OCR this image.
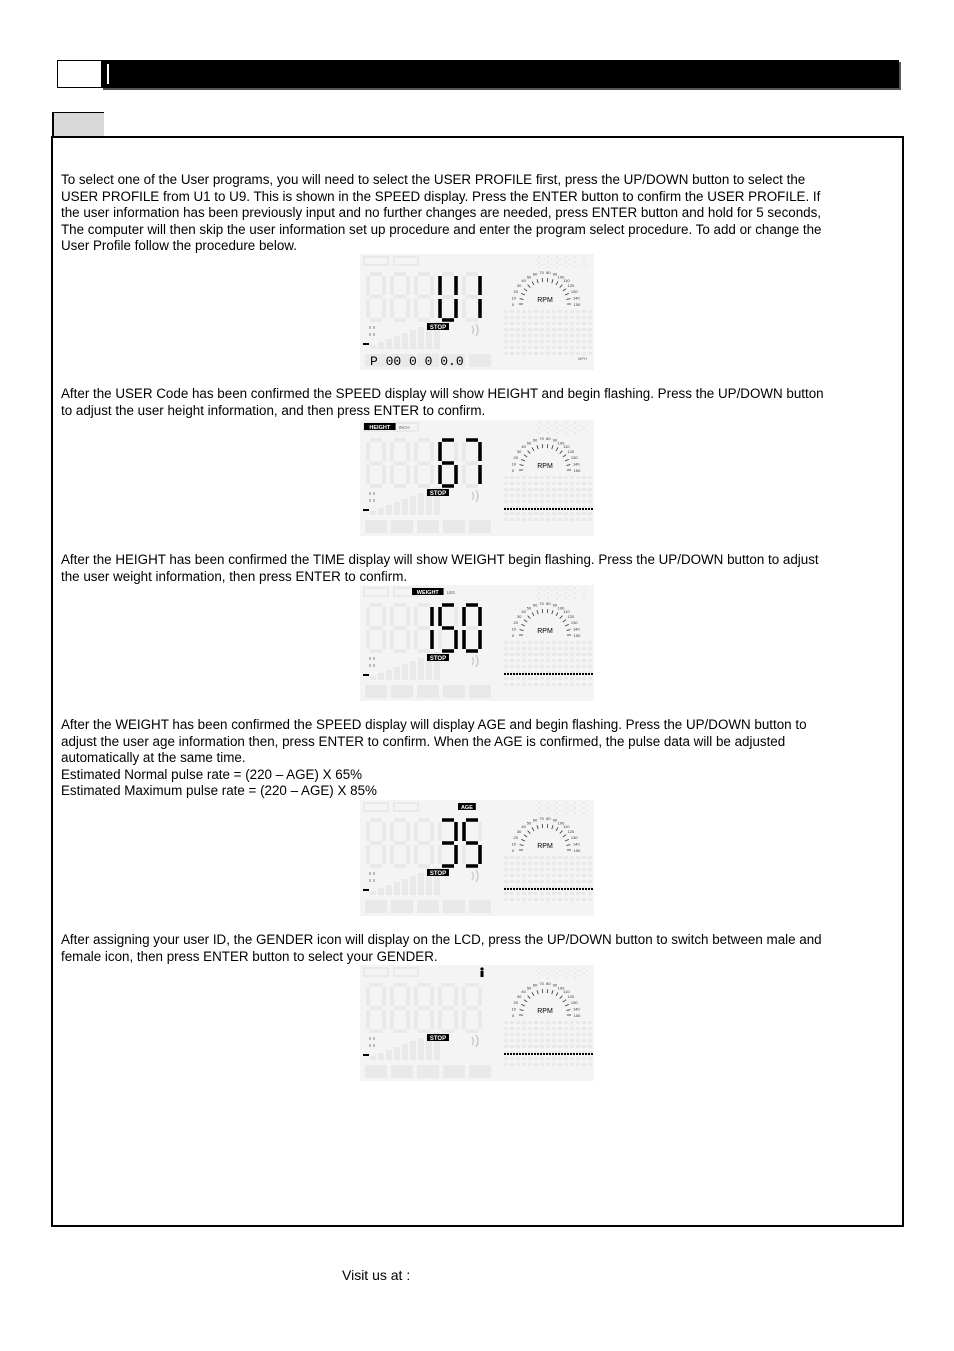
To select one of the User programs, you will need to select the USER PROFILE first, press the UP/DOWN button to select the
USER PROFILE from U1 to U9. This is shown in the SPEED display. Press the ENTER button to confirm the USER PROFILE. If
the user information has been previously input and no further changes are needed, press ENTER button and hold for 5 seconds,
The computer will then skip the user information set up procedure and enter the program select procedure. To add or change the
User Profile follow the procedure below.

After the USER Code has been confirmed the SPEED display will show HEIGHT and begin flashing. Press the UP/DOWN button
to adjust the user height information, and then press ENTER to confirm.

After the HEIGHT has been confirmed the TIME display will show WEIGHT begin flashing. Press the UP/DOWN button to adjust
the user weight information, then press ENTER to confirm.

After the WEIGHT has been confirmed the SPEED display will display AGE and begin flashing. Press the UP/DOWN button to
adjust the user age information then, press ENTER to confirm. When the AGE is confirmed, the pulse data will be adjusted
automatically at the same time.
Estimated Normal pulse rate = (220 – AGE) X 65%
Estimated Maximum pulse rate = (220 – AGE) X 85%

After assigning your user ID, the GENDER icon will display on the LCD, press the UP/DOWN button to switch between male and
female icon, then press ENTER button to select your GENDER.

0
10
20
30
40
50
60 70 80 90
100
110
120
130
140
150
RPM
STOP
P 00 0 0 0.0	MPH
0
10
20
30
40
50
60 70 80 90
100
110
120
130
140
150
RPM
STOP
HEIGHT INCH
0
10
20
30
40
50
60 70 80 90
100
110
120
130
140
150
RPM
STOP
WEIGHT LBS
0
10
20
30
40
50
60 70 80 90
100
110
120
130
140
150
RPM
STOP
AGE
0
10
20
30
40
50
60 70 80 90
100
110
120
130
140
150
RPM
STOP
Visit us at :
